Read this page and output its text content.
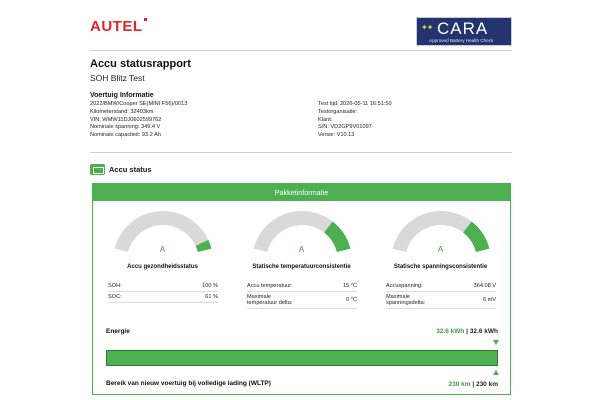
AUTEL	✦✦ CARA
Approved Battery Health Check
Accu statusrapport
SOH Blitz Test
Voertuig Informatie
2022/BMW/Cooper SE(MINI F56)/0013
Kilometerstand: 32403km
VIN: WMW11DJ0602599762
Nominale spanning: 349.4 V
Nominale capaciteit: 93.2 Ah
Test tijd: 2026-05-11 16:51:50
Testorganisatie:
Klant:
S/N: VD2GP9V01097
Versie: V10.13
Accu status
Pakketinformatie
A
Accu gezondheidsstatus
SOH:	100 %
SOC:	61 %
A
Statische temperatuurconsistentie
Accu temperatuur:	15 °C
Maximale
temperatuur delta:
0 °C
A
Statische spanningsconsistentie
Accuspanning:	364.08 V
Maximale
spanningsdelta:
6 mV
Energie	32.6 kWh | 32.6 kWh
Bereik van nieuw voertuig bij volledige lading (WLTP)	230 km | 230 km
